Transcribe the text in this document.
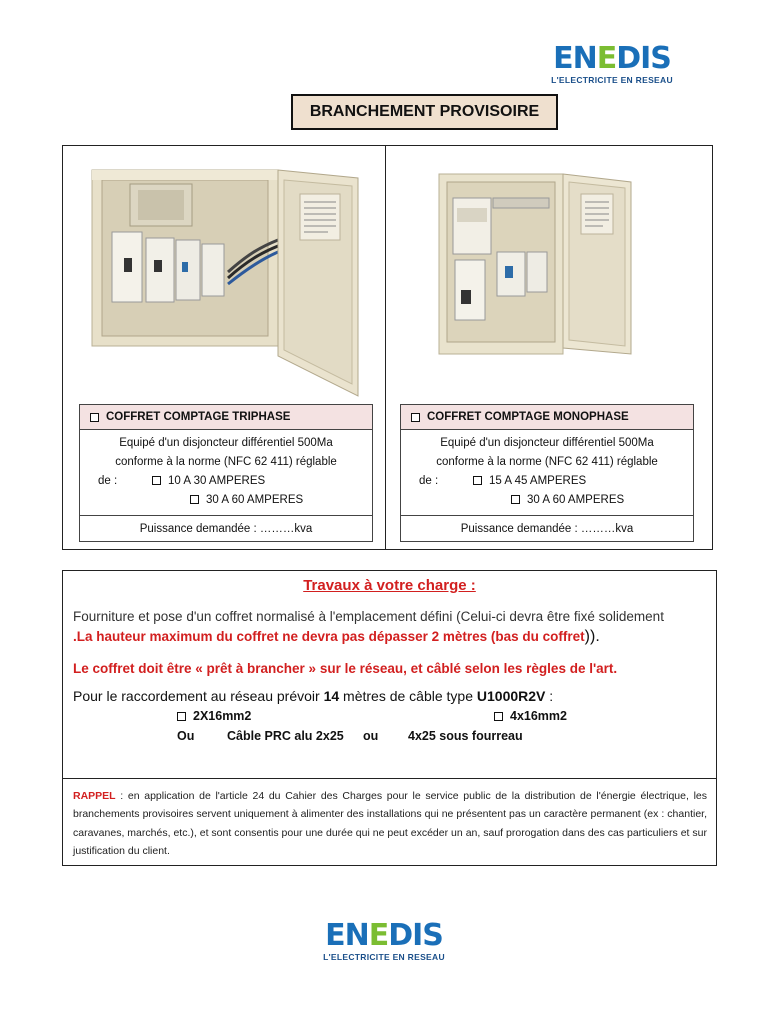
ENEDIS
L'ELECTRICITE EN RESEAU
BRANCHEMENT PROVISOIRE
COFFRET COMPTAGE TRIPHASE
Equipé d'un disjoncteur différentiel 500Ma
conforme à la norme (NFC 62 411) réglable
de :	10 A 30 AMPERES
30 A 60 AMPERES
Puissance demandée : ………kva
COFFRET COMPTAGE MONOPHASE
Equipé d'un disjoncteur différentiel 500Ma
conforme à la norme (NFC 62 411) réglable
de :	15 A 45 AMPERES
30 A 60 AMPERES
Puissance demandée : ………kva
Travaux à votre charge :
Fourniture et pose d'un coffret normalisé à l'emplacement défini (Celui-ci devra être fixé solidement
.La hauteur maximum du coffret ne devra pas dépasser 2 mètres (bas du coffret)).
Le coffret doit être « prêt à brancher » sur le réseau, et câblé selon les règles de l'art.
Pour le raccordement au réseau prévoir 14 mètres de câble type U1000R2V :
2X16mm2	4x16mm2
Ou	Câble PRC alu 2x25 ou 4x25 sous fourreau
RAPPEL : en application de l'article 24 du Cahier des Charges pour le service public de la distribution de l'énergie électrique, les branchements provisoires servent uniquement à alimenter des installations qui ne présentent pas un caractère permanent (ex : chantier, caravanes, marchés, etc.), et sont consentis pour une durée qui ne peut excéder un an, sauf prorogation dans des cas particuliers et sur justification du client.
ENEDIS
L'ELECTRICITE EN RESEAU
